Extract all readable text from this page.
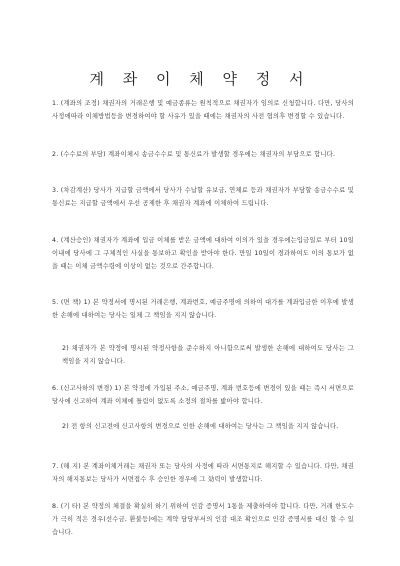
계 좌 이 체 약 정 서
1. (계좌의 조정) 채권자의 거래은행 및 예금종류는 원칙적으로 채권자가 임의로 신청합니다. 다만, 당사의 사정에따라 이체방법등을 변경하여야 할 사유가 있을 때에는 채권자의 사전 협의후 변경할 수 있습니다.
2. (수수료의 부담) 계좌이체시 송금수수료 및 통신료가 발생할 경우에는 채권자의 부담으로 합니다.
3. (차감계산) 당사가 지급할 금액에서 당사가 수납할 유보금, 연체료 등과 채권자가 부담할 송금수수료 및 통신료는 지급할 금액에서 우선 공제한 후 채권자 계좌에 이체하여 드립니다.
4. (계산승인) 채권자가 계좌에 입금 이체를 받은 금액에 대하여 이의가 있을 경우에는입금일로 부터 10일이내에 당사에 그 구체적인 사실을 통보하고 확인을 받아야 한다. 만일 10일이 경과하여도 이의 통보가 없을 때는 이체 금액수령에 이상이 없는 것으로 간주합니다.
5. (면 책) 1) 본 약정서에 명시된 거래은행, 계좌번호, 예금주명에 의하여 대가를 계좌입금한 이후에 발생한 손해에 대하여는 당사는 일체 그 책임을 지지 않습니다.
2) 채권자가 본 약정에 명시된 약정사항을 준수하지 아니함으로써 발생한 손해에 대하여도 당사는 그 책임을 지지 않습니다.
6. (신고사하의 변경) 1) 본 약정에 가입된 주소, 예금주명, 계좌 번호등에 변경이 있을 때는 즉시 서면으로 당사에 신고하여 계좌 이체에 틀림이 없도록 소정의 절차를 밟아야 합니다.
2) 전 항의 신고전에 신고사항의 변경으로 인한 손해에 대하여는 당사는 그 책임을 지지 않습니다.
7. (해 지) 본 계좌이체거래는 채권자 또는 당사의 사정에 따라 서면통지로 해지할 수 있습니다. 다만, 채권자의 해지통보는 당사가 서면접수 후 승인한 경우에 그 効력이 발생합니다.
8. (기 타) 본 약정의 체결을 확실히 하기 위하여 인감 증명서 1통을 제출하여야 합니다. 다만, 거래 한도수가 극히 적은 경우(선수금, 환불등)에는 계약 담당부서의 인감 대조 확인으로 인감 증명서를 대신 할 수 있습니다.
